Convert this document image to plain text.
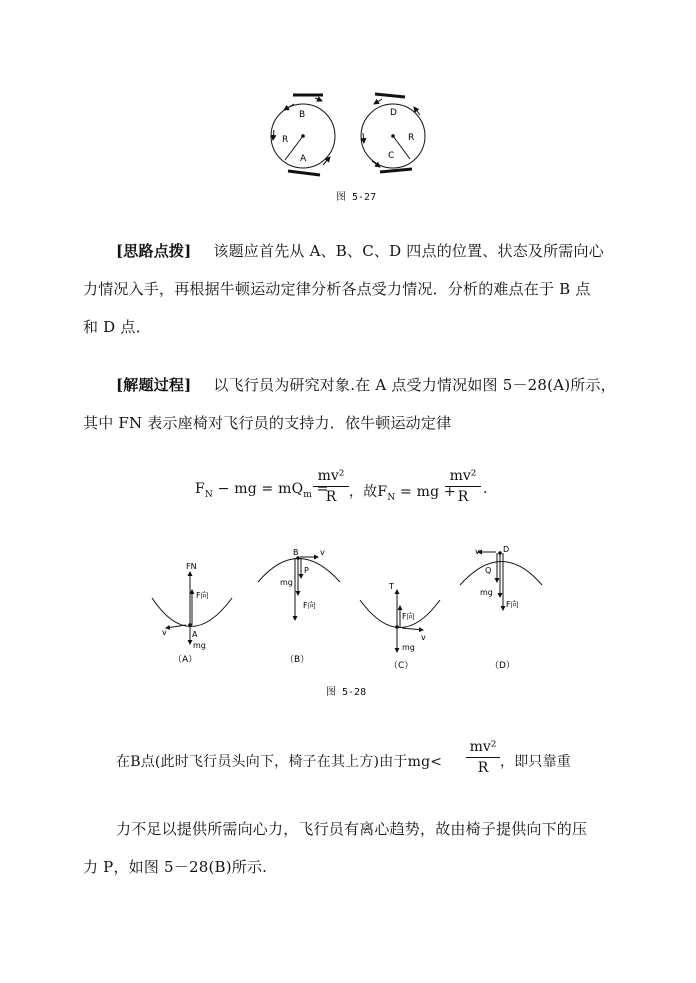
B
R
A
D
R
C
图 5-27
[思路点拨] 该题应首先从 A、B、C、D 四点的位置、状态及所需向心
力情况入手，再根据牛顿运动定律分析各点受力情况．分析的难点在于 B 点
和 D 点．
[解题过程] 以飞行员为研究对象.在 A 点受力情况如图 5－28(A)所示，
其中 FN 表示座椅对飞行员的支持力．依牛顿运动定律
$F_N$ − mg = $mQ_m$ =
mv²
R ，故$F_N$ = mg +
mv²
R	.
FN
F向
v	A
mg
（A）
B	v
mg
P
F向
（B）
T
F向
v
mg
（C）
D
v
Q
mg
F向
（D）
图 5-28
在B点(此时飞行员头向下，椅子在其上方)由于mg<
mv²
R ，即只靠重
力不足以提供所需向心力，飞行员有离心趋势，故由椅子提供向下的压
力 P，如图 5－28(B)所示.
